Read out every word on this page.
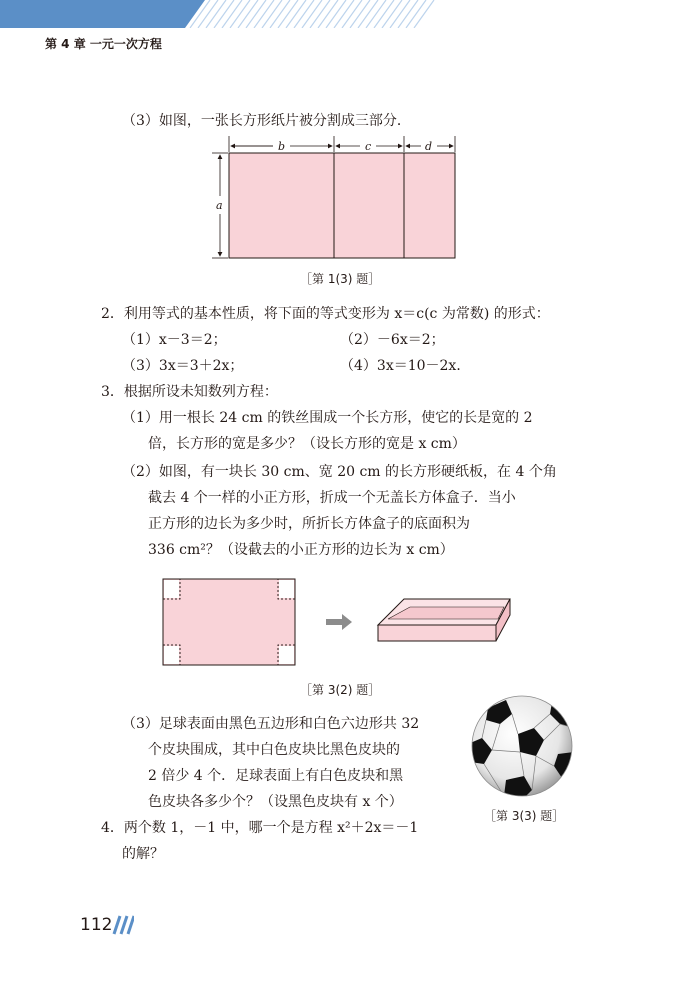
第 4 章 一元一次方程
（3）如图，一张长方形纸片被分割成三部分．
b	c	d
a
［第 1(3) 题］
2．利用等式的基本性质，将下面的等式变形为 x＝c(c 为常数) 的形式：
（1）x－3＝2；	（2）－6x＝2；
（3）3x＝3＋2x；	（4）3x＝10－2x．
3．根据所设未知数列方程：
（1）用一根长 24 cm 的铁丝围成一个长方形，使它的长是宽的 2
倍，长方形的宽是多少？（设长方形的宽是 x cm）
（2）如图，有一块长 30 cm、宽 20 cm 的长方形硬纸板，在 4 个角
截去 4 个一样的小正方形，折成一个无盖长方体盒子．当小
正方形的边长为多少时，所折长方体盒子的底面积为
336 cm²？（设截去的小正方形的边长为 x cm）
［第 3(2) 题］
（3）足球表面由黑色五边形和白色六边形共 32
个皮块围成，其中白色皮块比黑色皮块的
2 倍少 4 个．足球表面上有白色皮块和黑
色皮块各多少个？（设黑色皮块有 x 个）
［第 3(3) 题］
4．两个数 1，－1 中，哪一个是方程 x²＋2x＝－1
的解？
112
